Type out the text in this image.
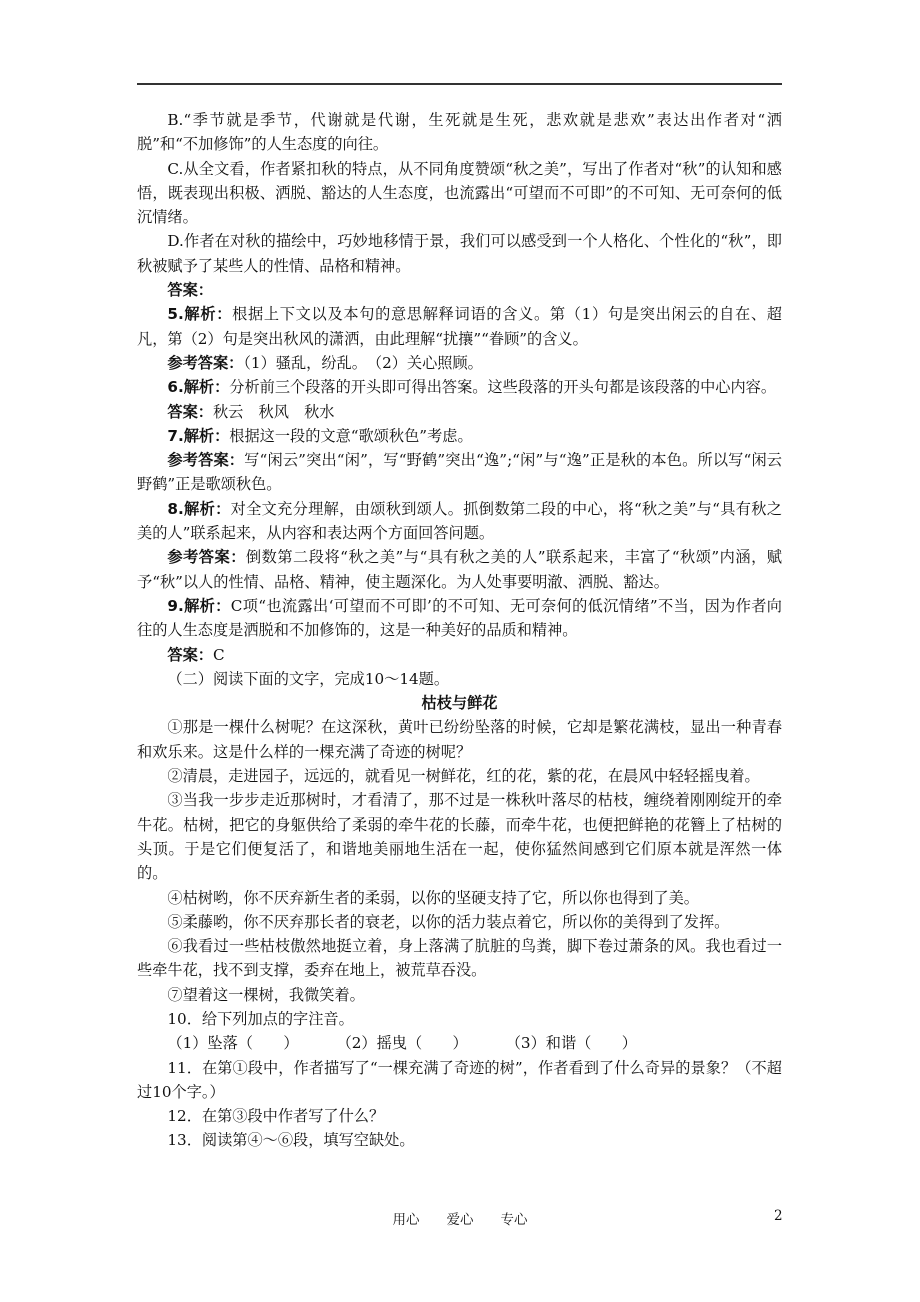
B.“季节就是季节，代谢就是代谢，生死就是生死，悲欢就是悲欢”表达出作者对“洒脱”和“不加修饰”的人生态度的向往。

C.从全文看，作者紧扣秋的特点，从不同角度赞颂“秋之美”，写出了作者对“秋”的认知和感悟，既表现出积极、洒脱、豁达的人生态度，也流露出“可望而不可即”的不可知、无可奈何的低沉情绪。

D.作者在对秋的描绘中，巧妙地移情于景，我们可以感受到一个人格化、个性化的“秋”，即秋被赋予了某些人的性情、品格和精神。

答案：

5.解析：根据上下文以及本句的意思解释词语的含义。第（1）句是突出闲云的自在、超凡，第（2）句是突出秋风的潇洒，由此理解“扰攘”“眷顾”的含义。

参考答案：（1）骚乱，纷乱。　（2）关心照顾。

6.解析：分析前三个段落的开头即可得出答案。这些段落的开头句都是该段落的中心内容。

答案：秋云　秋风　秋水

7.解析：根据这一段的文意“歌颂秋色”考虑。

参考答案：写“闲云”突出“闲”，写“野鹤”突出“逸”;“闲”与“逸”正是秋的本色。所以写“闲云野鹤”正是歌颂秋色。

8.解析：对全文充分理解，由颂秋到颂人。抓倒数第二段的中心，将“秋之美”与“具有秋之美的人”联系起来，从内容和表达两个方面回答问题。

参考答案：倒数第二段将“秋之美”与“具有秋之美的人”联系起来，丰富了“秋颂”内涵，赋予“秋”以人的性情、品格、精神，使主题深化。为人处事要明澈、洒脱、豁达。

9.解析：C项“也流露出‘可望而不可即’的不可知、无可奈何的低沉情绪”不当，因为作者向往的人生态度是洒脱和不加修饰的，这是一种美好的品质和精神。

答案：C

（二）阅读下面的文字，完成10～14题。

枯枝与鲜花

①那是一棵什么树呢？在这深秋，黄叶已纷纷坠落的时候，它却是繁花满枝，显出一种青春和欢乐来。这是什么样的一棵充满了奇迹的树呢？

②清晨，走进园子，远远的，就看见一树鲜花，红的花，紫的花，在晨风中轻轻摇曳着。

③当我一步步走近那树时，才看清了，那不过是一株秋叶落尽的枯枝，缠绕着刚刚绽开的牵牛花。枯树，把它的身躯供给了柔弱的牵牛花的长藤，而牵牛花，也便把鲜艳的花簪上了枯树的头顶。于是它们便复活了，和谐地美丽地生活在一起，使你猛然间感到它们原本就是浑然一体的。

④枯树哟，你不厌弃新生者的柔弱，以你的坚硬支持了它，所以你也得到了美。

⑤柔藤哟，你不厌弃那长者的衰老，以你的活力装点着它，所以你的美得到了发挥。

⑥我看过一些枯枝傲然地挺立着，身上落满了肮脏的鸟粪，脚下卷过萧条的风。我也看过一些牵牛花，找不到支撑，委弃在地上，被荒草吞没。

⑦望着这一棵树，我微笑着。

10．给下列加点的字注音。

（1）坠落（　　）	（2）摇曳（　　）	（3）和谐（　　）

11．在第①段中，作者描写了“一棵充满了奇迹的树”，作者看到了什么奇异的景象？（不超过10个字。）

12．在第③段中作者写了什么？

13．阅读第④～⑥段，填写空缺处。

用心　　爱心　　专心	2
